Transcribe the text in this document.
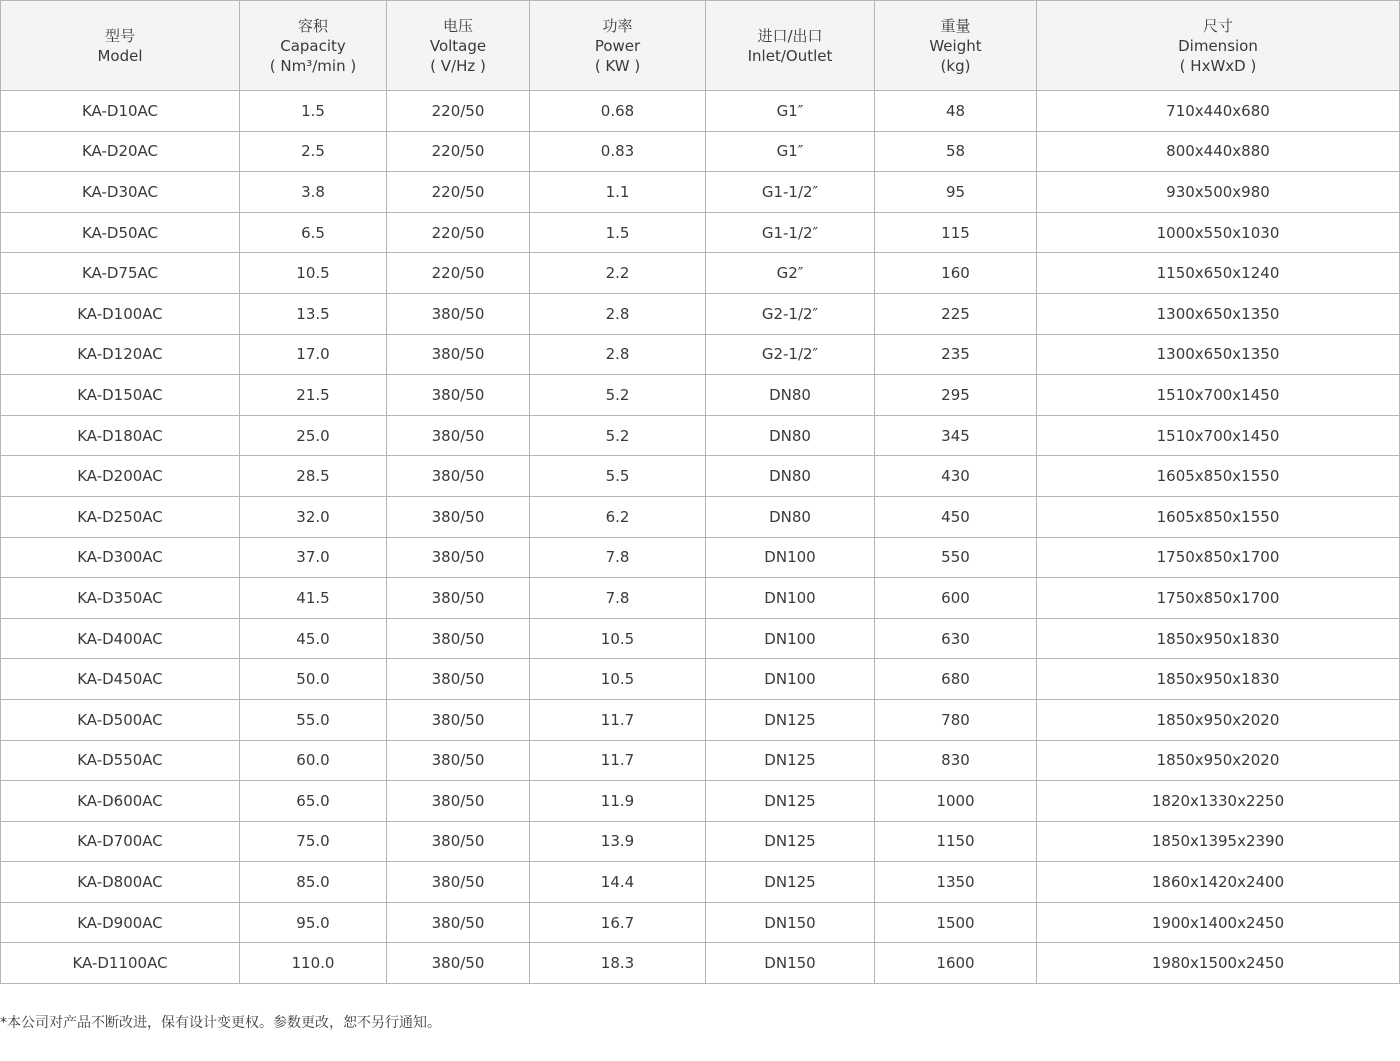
型号
Model	容积
Capacity
( Nm³/min )	电压
Voltage
( V/Hz )	功率
Power
( KW )	进口/出口
Inlet/Outlet	重量
Weight
(kg)	尺寸
Dimension
( HxWxD )

KA-D10AC	1.5	220/50	0.68	G1″	48	710x440x680
KA-D20AC	2.5	220/50	0.83	G1″	58	800x440x880
KA-D30AC	3.8	220/50	1.1	G1-1/2″	95	930x500x980
KA-D50AC	6.5	220/50	1.5	G1-1/2″	115	1000x550x1030
KA-D75AC	10.5	220/50	2.2	G2″	160	1150x650x1240
KA-D100AC	13.5	380/50	2.8	G2-1/2″	225	1300x650x1350
KA-D120AC	17.0	380/50	2.8	G2-1/2″	235	1300x650x1350
KA-D150AC	21.5	380/50	5.2	DN80	295	1510x700x1450
KA-D180AC	25.0	380/50	5.2	DN80	345	1510x700x1450
KA-D200AC	28.5	380/50	5.5	DN80	430	1605x850x1550
KA-D250AC	32.0	380/50	6.2	DN80	450	1605x850x1550
KA-D300AC	37.0	380/50	7.8	DN100	550	1750x850x1700
KA-D350AC	41.5	380/50	7.8	DN100	600	1750x850x1700
KA-D400AC	45.0	380/50	10.5	DN100	630	1850x950x1830
KA-D450AC	50.0	380/50	10.5	DN100	680	1850x950x1830
KA-D500AC	55.0	380/50	11.7	DN125	780	1850x950x2020
KA-D550AC	60.0	380/50	11.7	DN125	830	1850x950x2020
KA-D600AC	65.0	380/50	11.9	DN125	1000	1820x1330x2250
KA-D700AC	75.0	380/50	13.9	DN125	1150	1850x1395x2390
KA-D800AC	85.0	380/50	14.4	DN125	1350	1860x1420x2400
KA-D900AC	95.0	380/50	16.7	DN150	1500	1900x1400x2450
KA-D1100AC	110.0	380/50	18.3	DN150	1600	1980x1500x2450
*本公司对产品不断改进，保有设计变更权。参数更改，恕不另行通知。
